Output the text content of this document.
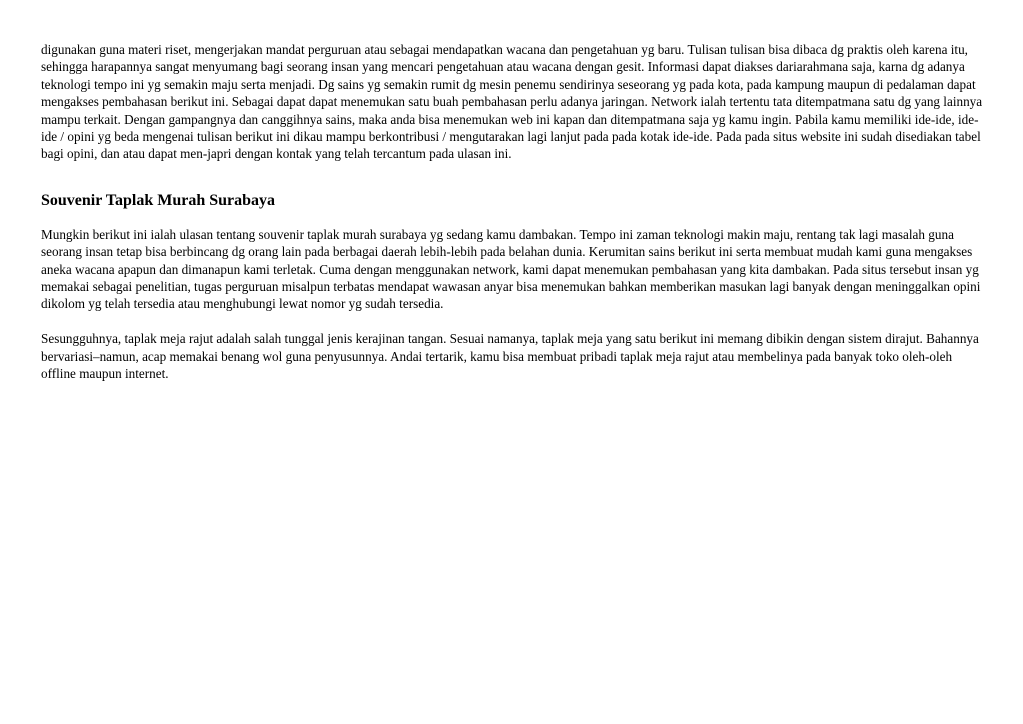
digunakan guna materi riset, mengerjakan mandat perguruan atau sebagai mendapatkan wacana dan pengetahuan yg baru. Tulisan tulisan bisa dibaca dg praktis oleh karena itu, sehingga harapannya sangat menyumang bagi seorang insan yang mencari pengetahuan atau wacana dengan gesit. Informasi dapat diakses dariarahmana saja, karna dg adanya teknologi tempo ini yg semakin maju serta menjadi. Dg sains yg semakin rumit dg mesin penemu sendirinya seseorang yg pada kota, pada kampung maupun di pedalaman dapat mengakses pembahasan berikut ini. Sebagai dapat dapat menemukan satu buah pembahasan perlu adanya jaringan. Network ialah tertentu tata ditempatmana satu dg yang lainnya mampu terkait. Dengan gampangnya dan canggihnya sains, maka anda bisa menemukan web ini kapan dan ditempatmana saja yg kamu ingin. Pabila kamu memiliki ide-ide, ide-ide / opini yg beda mengenai tulisan berikut ini dikau mampu berkontribusi / mengutarakan lagi lanjut pada pada kotak ide-ide. Pada pada situs website ini sudah disediakan tabel bagi opini, dan atau dapat men-japri dengan kontak yang telah tercantum pada ulasan ini.

Souvenir Taplak Murah Surabaya

Mungkin berikut ini ialah ulasan tentang souvenir taplak murah surabaya yg sedang kamu dambakan. Tempo ini zaman teknologi makin maju, rentang tak lagi masalah guna seorang insan tetap bisa berbincang dg orang lain pada berbagai daerah lebih-lebih pada belahan dunia. Kerumitan sains berikut ini serta membuat mudah kami guna mengakses aneka wacana apapun dan dimanapun kami terletak. Cuma dengan menggunakan network, kami dapat menemukan pembahasan yang kita dambakan. Pada situs tersebut insan yg memakai sebagai penelitian, tugas perguruan misalpun terbatas mendapat wawasan anyar bisa menemukan bahkan memberikan masukan lagi banyak dengan meninggalkan opini dikolom yg telah tersedia atau menghubungi lewat nomor yg sudah tersedia.

Sesungguhnya, taplak meja rajut adalah salah tunggal jenis kerajinan tangan. Sesuai namanya, taplak meja yang satu berikut ini memang dibikin dengan sistem dirajut. Bahannya bervariasi–namun, acap memakai benang wol guna penyusunnya. Andai tertarik, kamu bisa membuat pribadi taplak meja rajut atau membelinya pada banyak toko oleh-oleh offline maupun internet.
